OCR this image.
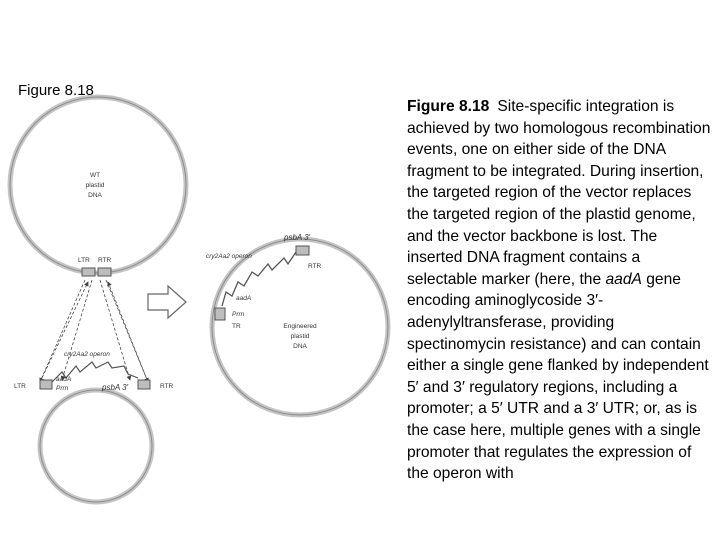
Figure 8.18
WT
plastid
DNA
LTR RTR
cry2Aa2 operon
aadA
Prrn	psbA 3′
LTR	RTR
psbA 3′
cry2Aa2 operon
RTR
aadA
Prrn
TR	Engineered
plastid
DNA

Figure 8.18 Site-specific integration is achieved by two homologous recombination events, one on either side of the DNA fragment to be integrated. During insertion, the targeted region of the vector replaces the targeted region of the plastid genome, and the vector backbone is lost. The inserted DNA fragment contains a selectable marker (here, the aadA gene encoding aminoglycoside 3′-adenylyltransferase, providing spectinomycin resistance) and can contain either a single gene flanked by independent 5′ and 3′ regulatory regions, including a promoter; a 5′ UTR and a 3′ UTR; or, as is the case here, multiple genes with a single promoter that regulates the expression of the operon with
